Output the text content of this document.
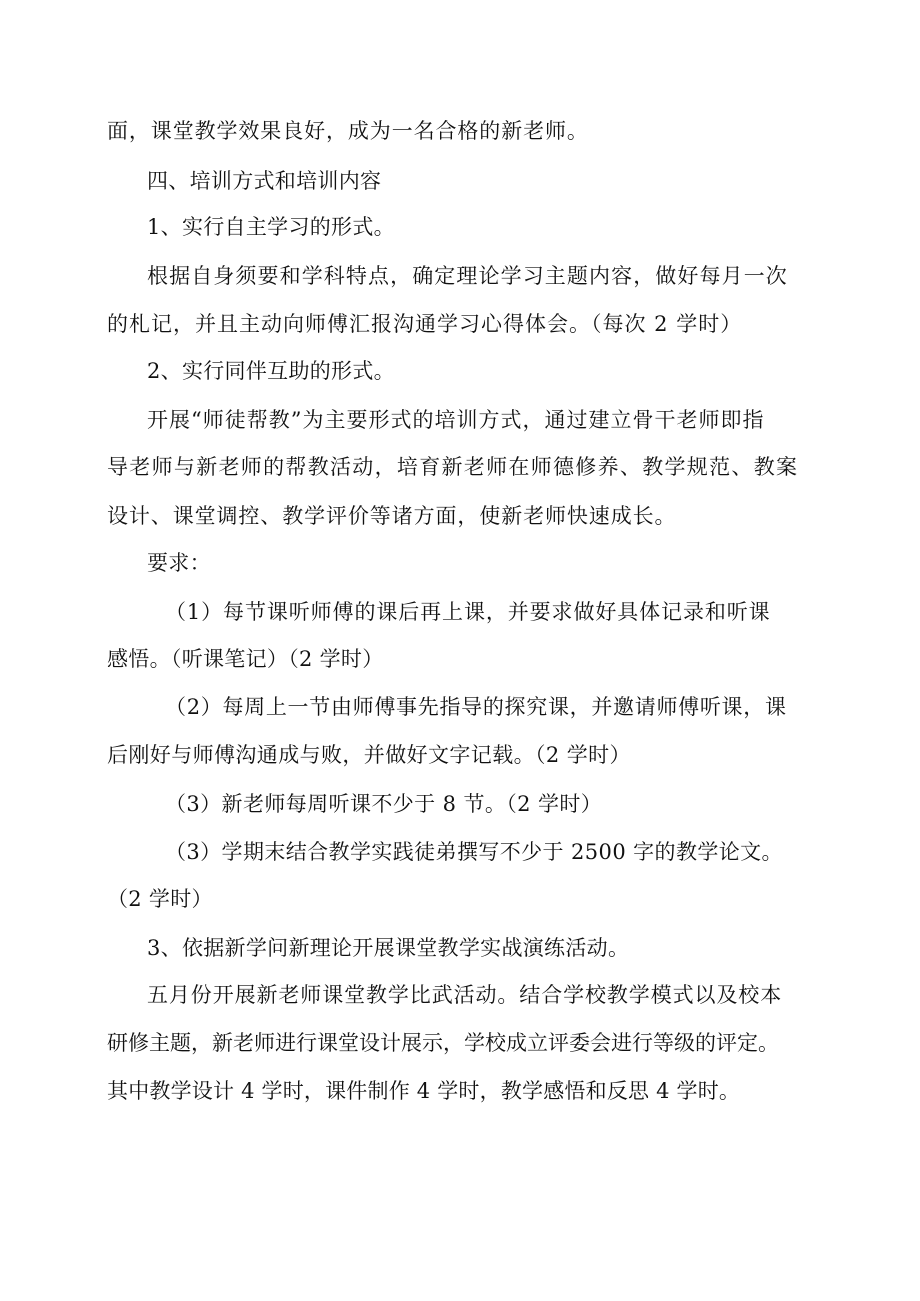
面，课堂教学效果良好，成为一名合格的新老师。
四、培训方式和培训内容
1、实行自主学习的形式。
根据自身须要和学科特点，确定理论学习主题内容，做好每月一次
的札记，并且主动向师傅汇报沟通学习心得体会。（每次 2 学时）
2、实行同伴互助的形式。
开展“师徒帮教”为主要形式的培训方式，通过建立骨干老师即指
导老师与新老师的帮教活动，培育新老师在师德修养、教学规范、教案
设计、课堂调控、教学评价等诸方面，使新老师快速成长。
要求：
（1）每节课听师傅的课后再上课，并要求做好具体记录和听课
感悟。（听课笔记）（2 学时）
（2）每周上一节由师傅事先指导的探究课，并邀请师傅听课，课
后刚好与师傅沟通成与败，并做好文字记载。（2 学时）
（3）新老师每周听课不少于 8 节。（2 学时）
（3）学期末结合教学实践徒弟撰写不少于 2500 字的教学论文。
（2 学时）
3、依据新学问新理论开展课堂教学实战演练活动。
五月份开展新老师课堂教学比武活动。结合学校教学模式以及校本
研修主题，新老师进行课堂设计展示，学校成立评委会进行等级的评定。
其中教学设计 4 学时，课件制作 4 学时，教学感悟和反思 4 学时。
